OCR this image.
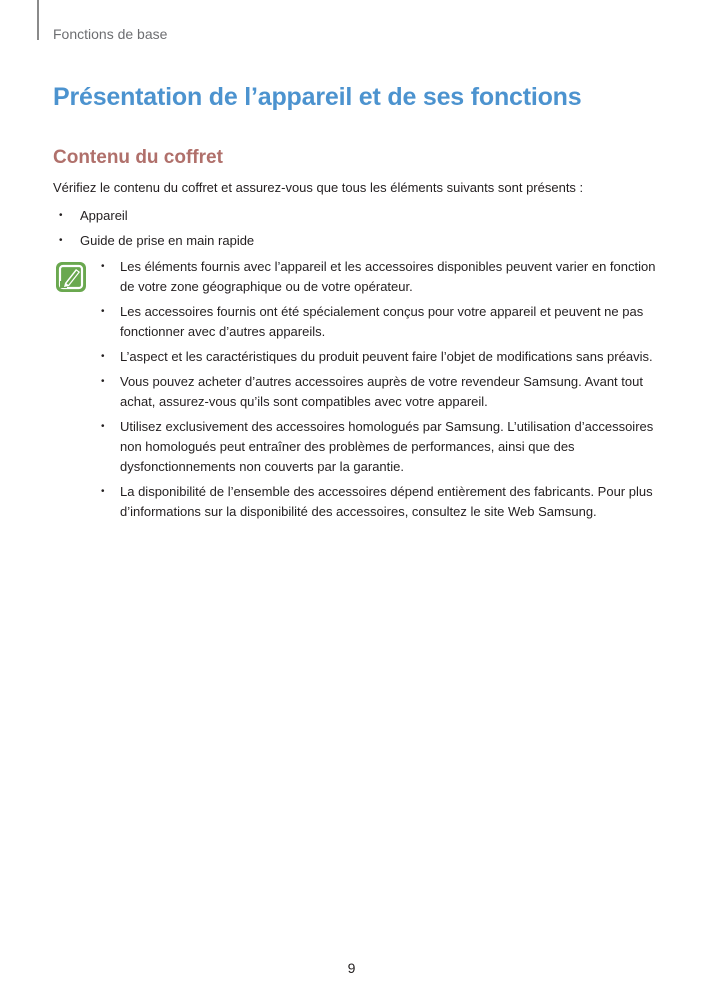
Fonctions de base
Présentation de l’appareil et de ses fonctions
Contenu du coffret

Vérifiez le contenu du coffret et assurez-vous que tous les éléments suivants sont présents :

• Appareil
• Guide de prise en main rapide
• Les éléments fournis avec l’appareil et les accessoires disponibles peuvent varier en fonction de votre zone géographique ou de votre opérateur.
• Les accessoires fournis ont été spécialement conçus pour votre appareil et peuvent ne pas fonctionner avec d’autres appareils.
• L’aspect et les caractéristiques du produit peuvent faire l’objet de modifications sans préavis.
• Vous pouvez acheter d’autres accessoires auprès de votre revendeur Samsung. Avant tout achat, assurez-vous qu’ils sont compatibles avec votre appareil.
• Utilisez exclusivement des accessoires homologués par Samsung. L’utilisation d’accessoires non homologués peut entraîner des problèmes de performances, ainsi que des dysfonctionnements non couverts par la garantie.
• La disponibilité de l’ensemble des accessoires dépend entièrement des fabricants. Pour plus d’informations sur la disponibilité des accessoires, consultez le site Web Samsung.
9
